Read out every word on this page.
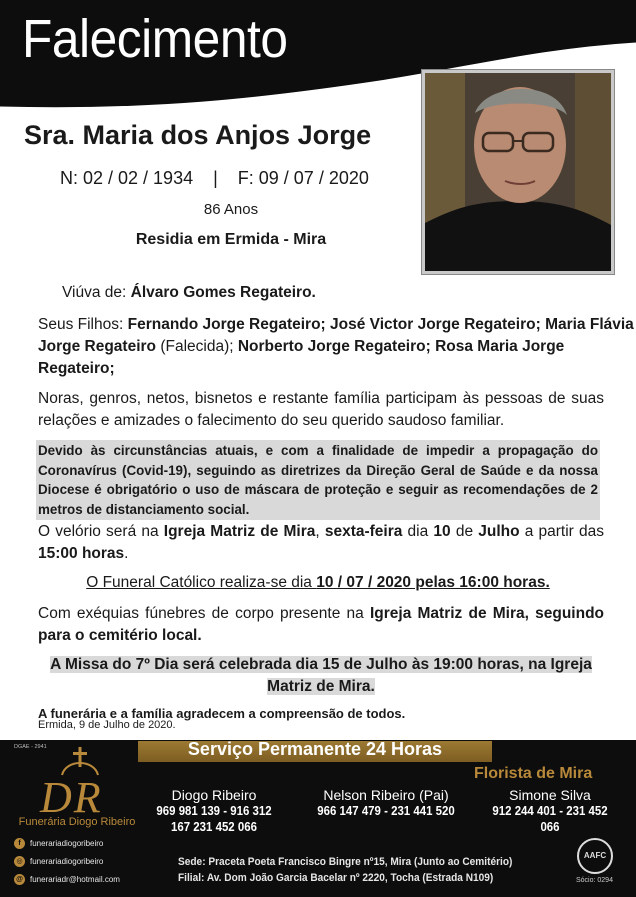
Falecimento
Sra. Maria dos Anjos Jorge
N: 02 / 02 / 1934    |    F: 09 / 07 / 2020
86 Anos
Residia em Ermida - Mira
Viúva de: Álvaro Gomes Regateiro.
Seus Filhos: Fernando Jorge Regateiro; José Victor Jorge Regateiro; Maria Flávia Jorge Regateiro (Falecida); Norberto Jorge Regateiro; Rosa Maria Jorge Regateiro;
Noras, genros, netos, bisnetos e restante família participam às pessoas de suas relações e amizades o falecimento do seu querido saudoso familiar.
Devido às circunstâncias atuais, e com a finalidade de impedir a propagação do Coronavírus (Covid-19), seguindo as diretrizes da Direção Geral de Saúde e da nossa Diocese é obrigatório o uso de máscara de proteção e seguir as recomendações de 2 metros de distanciamento social.
O velório será na Igreja Matriz de Mira, sexta-feira dia 10 de Julho a partir das 15:00 horas.
O Funeral Católico realiza-se dia 10 / 07 / 2020 pelas 16:00 horas.
Com exéquias fúnebres de corpo presente na Igreja Matriz de Mira, seguindo para o cemitério local.
A Missa do 7º Dia será celebrada dia 15 de Julho às 19:00 horas, na Igreja Matriz de Mira.
A funerária e a família agradecem a compreensão de todos.
Ermida, 9 de Julho de 2020.
DGAE - 2941	Serviço Permanente 24 Horas
DR
Funerária Diogo Ribeiro
f	funerariadiogoribeiro
◎ funerariadiogoribeiro
@ funerariadr@hotmail.com
Florista de Mira
Diogo Ribeiro
969 981 139 - 916 312 167 231 452 066
Nelson Ribeiro (Pai)
966 147 479 - 231 441 520
Simone Silva
912 244 401 - 231 452 066
Sede: Praceta Poeta Francisco Bingre nº15, Mira (Junto ao Cemitério)
Filial: Av. Dom João Garcia Bacelar nº 2220, Tocha (Estrada N109)
AAFC
Sócio: 0294
